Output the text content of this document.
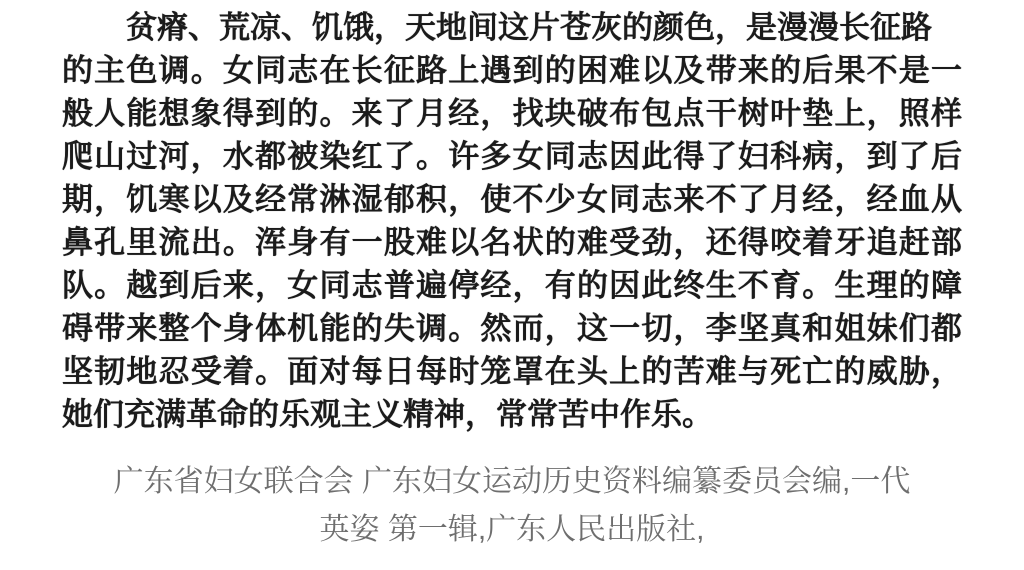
贫瘠、荒凉、饥饿，天地间这片苍灰的颜色，是漫漫长征路
的主色调。女同志在长征路上遇到的困难以及带来的后果不是一
般人能想象得到的。来了月经，找块破布包点干树叶垫上，照样
爬山过河，水都被染红了。许多女同志因此得了妇科病，到了后
期，饥寒以及经常淋湿郁积，使不少女同志来不了月经，经血从
鼻孔里流出。浑身有一股难以名状的难受劲，还得咬着牙追赶部
队。越到后来，女同志普遍停经，有的因此终生不育。生理的障
碍带来整个身体机能的失调。然而，这一切，李坚真和姐妹们都
坚韧地忍受着。面对每日每时笼罩在头上的苦难与死亡的威胁，
她们充满革命的乐观主义精神，常常苦中作乐。
广东省妇女联合会 广东妇女运动历史资料编纂委员会编,一代
英姿 第一辑,广东人民出版社,
